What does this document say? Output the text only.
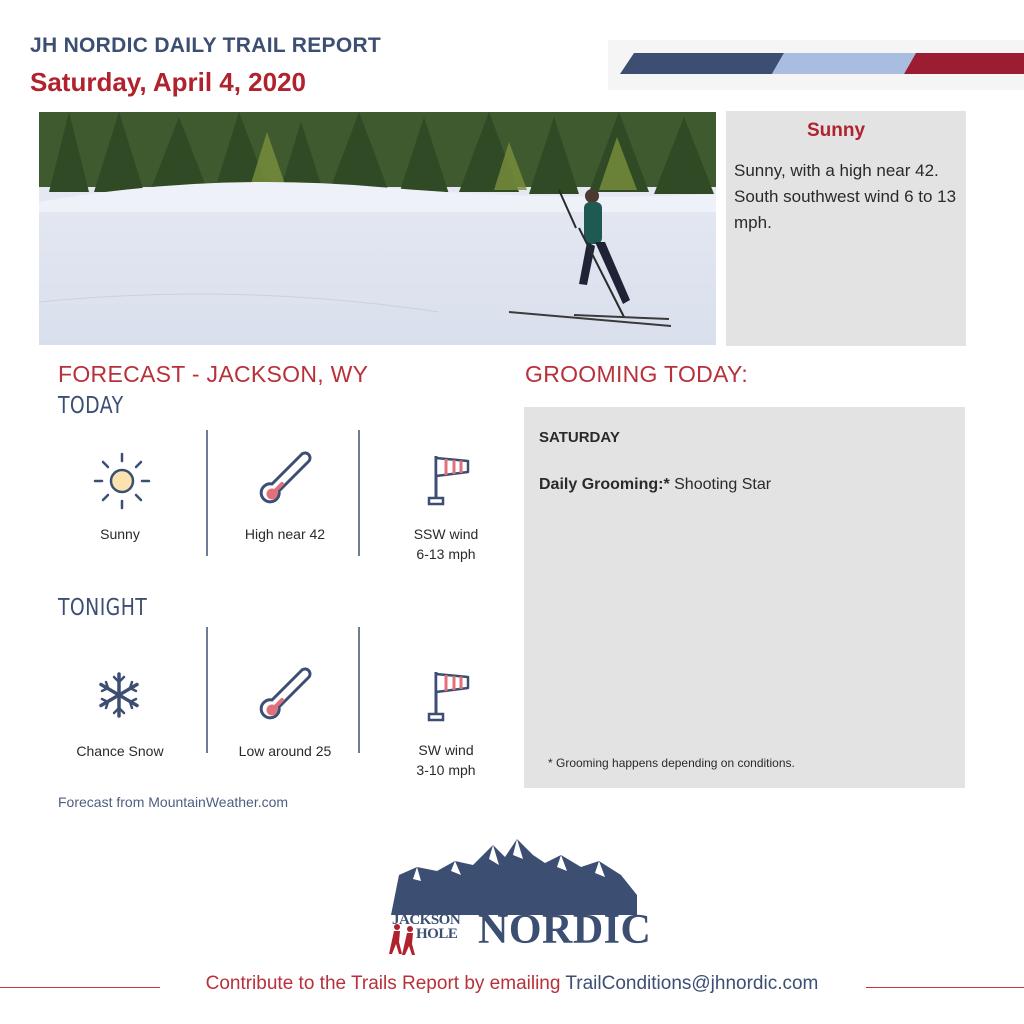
JH NORDIC DAILY TRAIL REPORT
Saturday, April 4, 2020
Sunny
Sunny, with a high near 42. South southwest wind 6 to 13 mph.
FORECAST - JACKSON, WY
TODAY
Sunny	High near 42	SSW wind
6-13 mph
TONIGHT
Chance Snow	Low around 25	SW wind
3-10 mph
Forecast from MountainWeather.com
GROOMING TODAY:
SATURDAY
Daily Grooming:* Shooting Star
* Grooming happens depending on conditions.
JACKSON
HOLE NORDIC
Contribute to the Trails Report by emailing TrailConditions@jhnordic.com
